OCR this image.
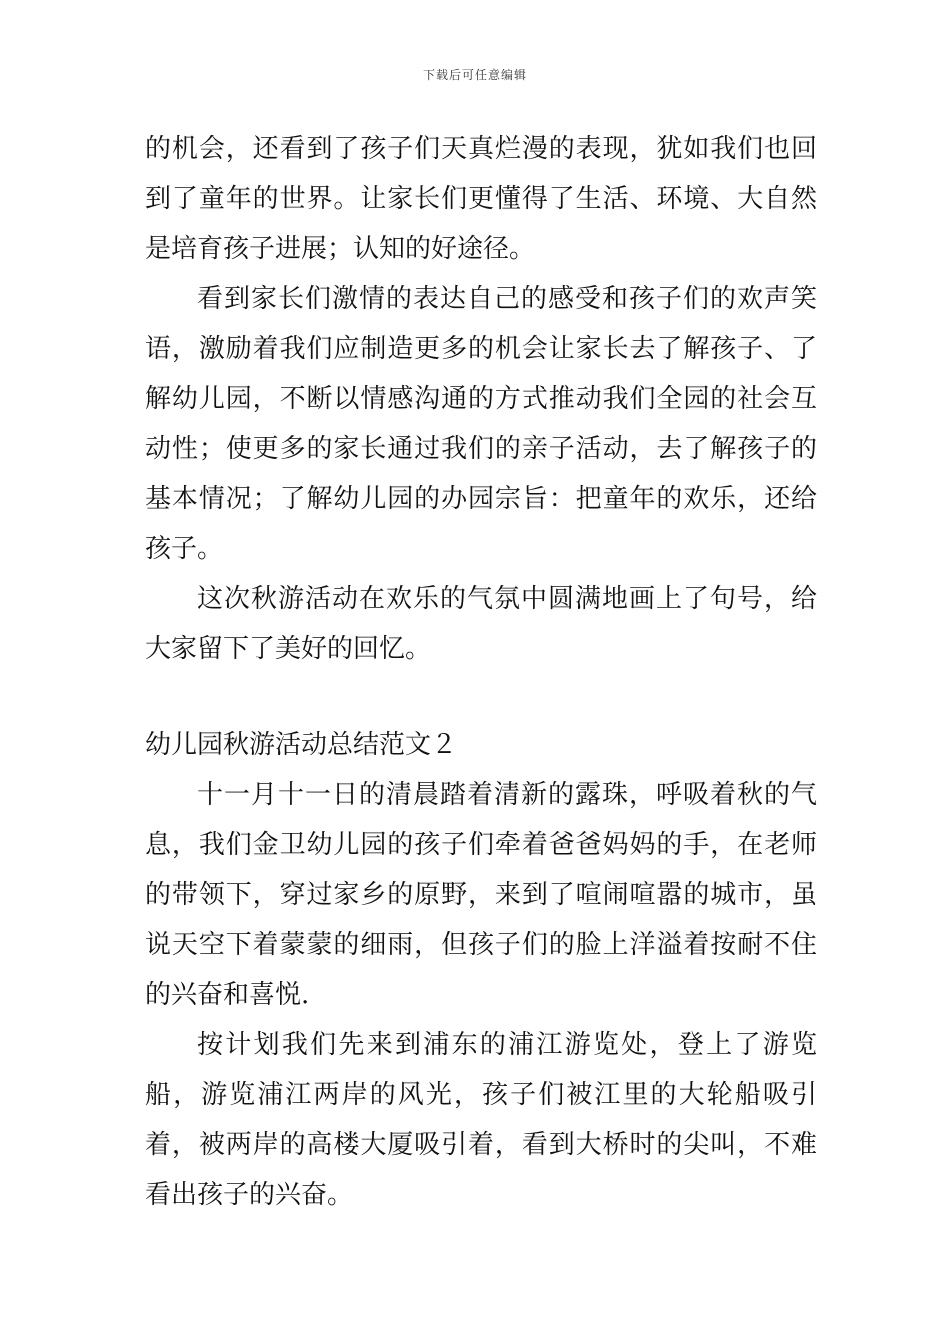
下载后可任意编辑

的机会，还看到了孩子们天真烂漫的表现，犹如我们也回到了童年的世界。让家长们更懂得了生活、环境、大自然是培育孩子进展；认知的好途径。

看到家长们激情的表达自己的感受和孩子们的欢声笑语，激励着我们应制造更多的机会让家长去了解孩子、了解幼儿园，不断以情感沟通的方式推动我们全园的社会互动性；使更多的家长通过我们的亲子活动，去了解孩子的基本情况；了解幼儿园的办园宗旨：把童年的欢乐，还给孩子。

这次秋游活动在欢乐的气氛中圆满地画上了句号，给大家留下了美好的回忆。

幼儿园秋游活动总结范文２

十一月十一日的清晨踏着清新的露珠，呼吸着秋的气息，我们金卫幼儿园的孩子们牵着爸爸妈妈的手，在老师的带领下，穿过家乡的原野，来到了喧闹喧嚣的城市，虽说天空下着蒙蒙的细雨，但孩子们的脸上洋溢着按耐不住的兴奋和喜悦.

按计划我们先来到浦东的浦江游览处，登上了游览船，游览浦江两岸的风光，孩子们被江里的大轮船吸引着，被两岸的高楼大厦吸引着，看到大桥时的尖叫，不难看出孩子的兴奋。
